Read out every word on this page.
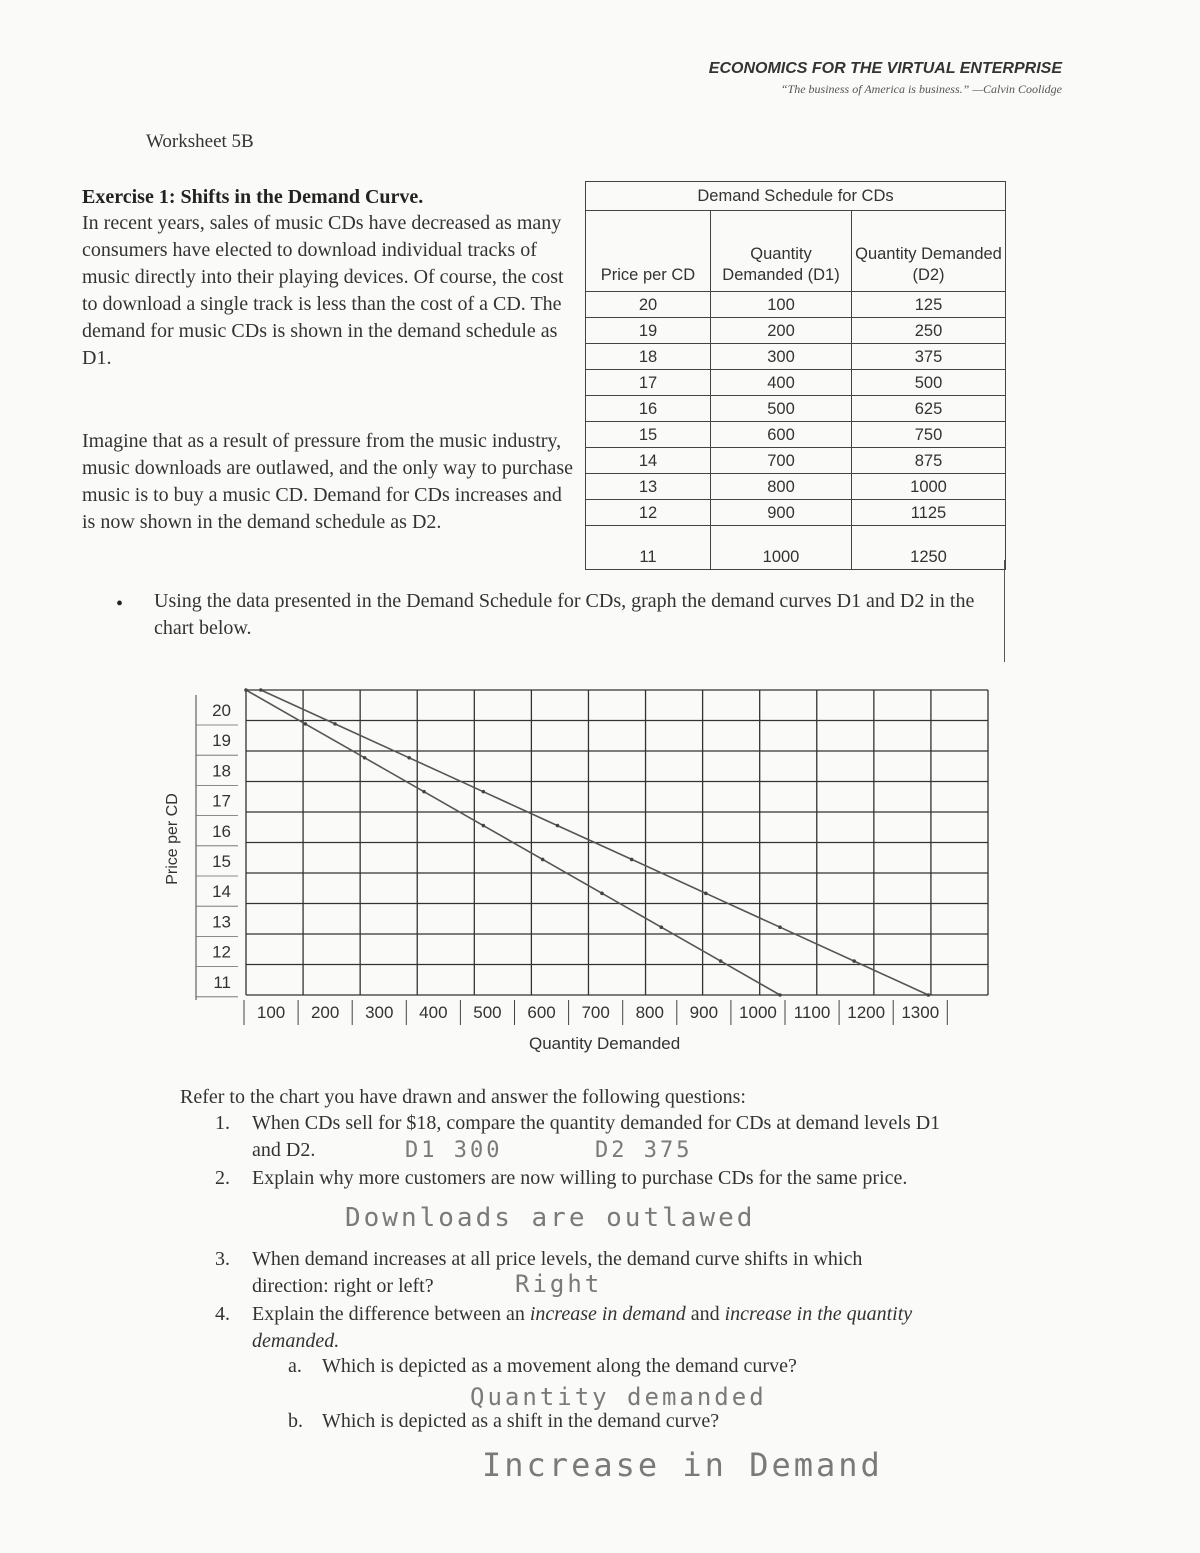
ECONOMICS FOR THE VIRTUAL ENTERPRISE
“The business of America is business.” —Calvin Coolidge
Worksheet 5B
Exercise 1: Shifts in the Demand Curve.
In recent years, sales of music CDs have decreased as many consumers have elected to download individual tracks of music directly into their playing devices. Of course, the cost to download a single track is less than the cost of a CD. The demand for music CDs is shown in the demand schedule as D1.
Imagine that as a result of pressure from the music industry, music downloads are outlawed, and the only way to purchase music is to buy a music CD. Demand for CDs increases and is now shown in the demand schedule as D2.
Demand Schedule for CDs		
Price per CD	Quantity Demanded (D1)	Quantity Demanded (D2)
20	100	125
19	200	250
18	300	375
17	400	500
16	500	625
15	600	750
14	700	875
13	800	1000
12	900	1125
11	1000	1250
• Using the data presented in the Demand Schedule for CDs, graph the demand curves D1 and D2 in the chart below.
20
19
18
17
16
15
14
13
12
11
100 200 300 400 500 600 700 800 900 1000 1100 1200 1300
Price per CD
Quantity Demanded
Refer to the chart you have drawn and answer the following questions:
1. When CDs sell for $18, compare the quantity demanded for CDs at demand levels D1
and D2.	D1 300	D2 375
2. Explain why more customers are now willing to purchase CDs for the same price.
Downloads are outlawed
3. When demand increases at all price levels, the demand curve shifts in which
direction: right or left?	Right
4. Explain the difference between an increase in demand and increase in the quantity
demanded.
a. Which is depicted as a movement along the demand curve?
Quantity demanded
b. Which is depicted as a shift in the demand curve?
Increase in Demand
